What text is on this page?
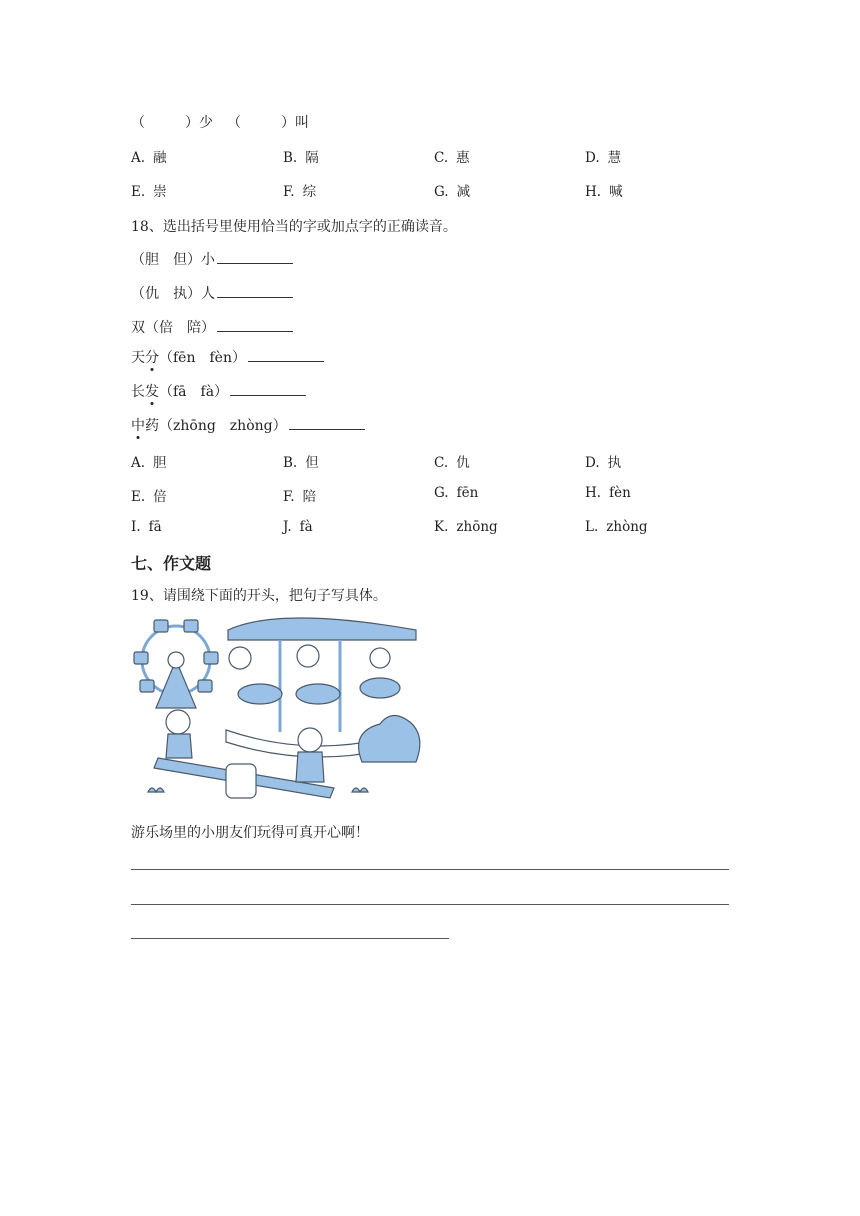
（	）少 （	）叫
A. 融	B. 隔	C. 惠	D. 慧
E. 崇	F. 综	G. 减	H. 喊
18、选出括号里使用恰当的字或加点字的正确读音。
（胆　但）小
（仇　执）人
双（倍　陪）
天分（fēn　fèn）
长发（fā　fà）
中药（zhōng　zhòng）
A. 胆	B. 但	C. 仇	D. 执
E. 倍	F. 陪	G. fēn	H. fèn
I. fā	J. fà	K. zhōng	L. zhòng
七、作文题
19、请围绕下面的开头，把句子写具体。
游乐场里的小朋友们玩得可真开心啊！
